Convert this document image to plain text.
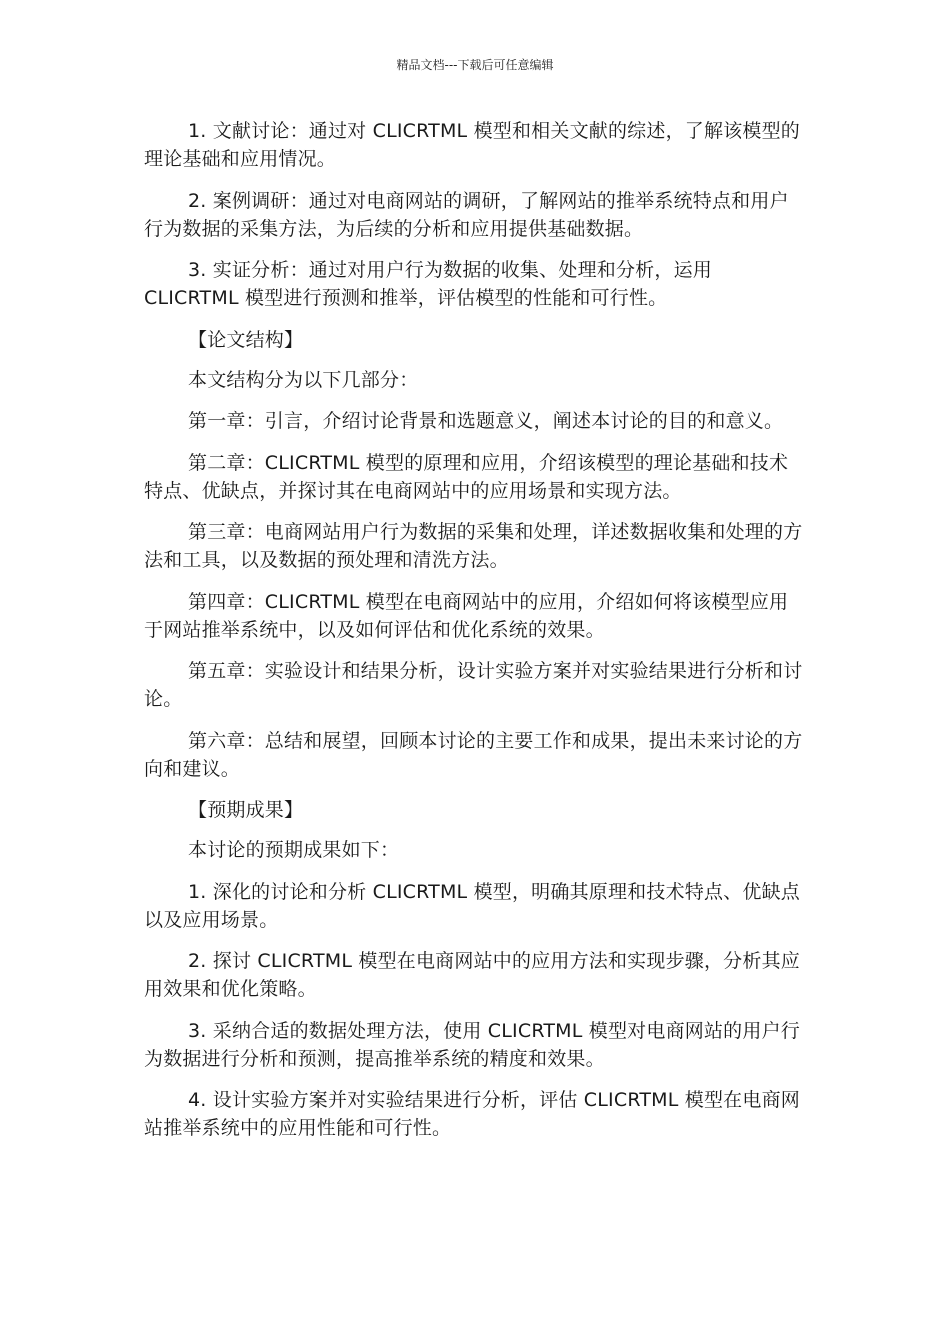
精品文档---下载后可任意编辑

1. 文献讨论：通过对 CLICRTML 模型和相关文献的综述，了解该模型的理论基础和应用情况。

2. 案例调研：通过对电商网站的调研，了解网站的推举系统特点和用户行为数据的采集方法，为后续的分析和应用提供基础数据。

3. 实证分析：通过对用户行为数据的收集、处理和分析，运用 CLICRTML 模型进行预测和推举，评估模型的性能和可行性。

【论文结构】

本文结构分为以下几部分：

第一章：引言，介绍讨论背景和选题意义，阐述本讨论的目的和意义。

第二章：CLICRTML 模型的原理和应用，介绍该模型的理论基础和技术特点、优缺点，并探讨其在电商网站中的应用场景和实现方法。

第三章：电商网站用户行为数据的采集和处理，详述数据收集和处理的方法和工具，以及数据的预处理和清洗方法。

第四章：CLICRTML 模型在电商网站中的应用，介绍如何将该模型应用于网站推举系统中，以及如何评估和优化系统的效果。

第五章：实验设计和结果分析，设计实验方案并对实验结果进行分析和讨论。

第六章：总结和展望，回顾本讨论的主要工作和成果，提出未来讨论的方向和建议。

【预期成果】

本讨论的预期成果如下：

1. 深化的讨论和分析 CLICRTML 模型，明确其原理和技术特点、优缺点以及应用场景。

2. 探讨 CLICRTML 模型在电商网站中的应用方法和实现步骤，分析其应用效果和优化策略。

3. 采纳合适的数据处理方法，使用 CLICRTML 模型对电商网站的用户行为数据进行分析和预测，提高推举系统的精度和效果。

4. 设计实验方案并对实验结果进行分析，评估 CLICRTML 模型在电商网站推举系统中的应用性能和可行性。
